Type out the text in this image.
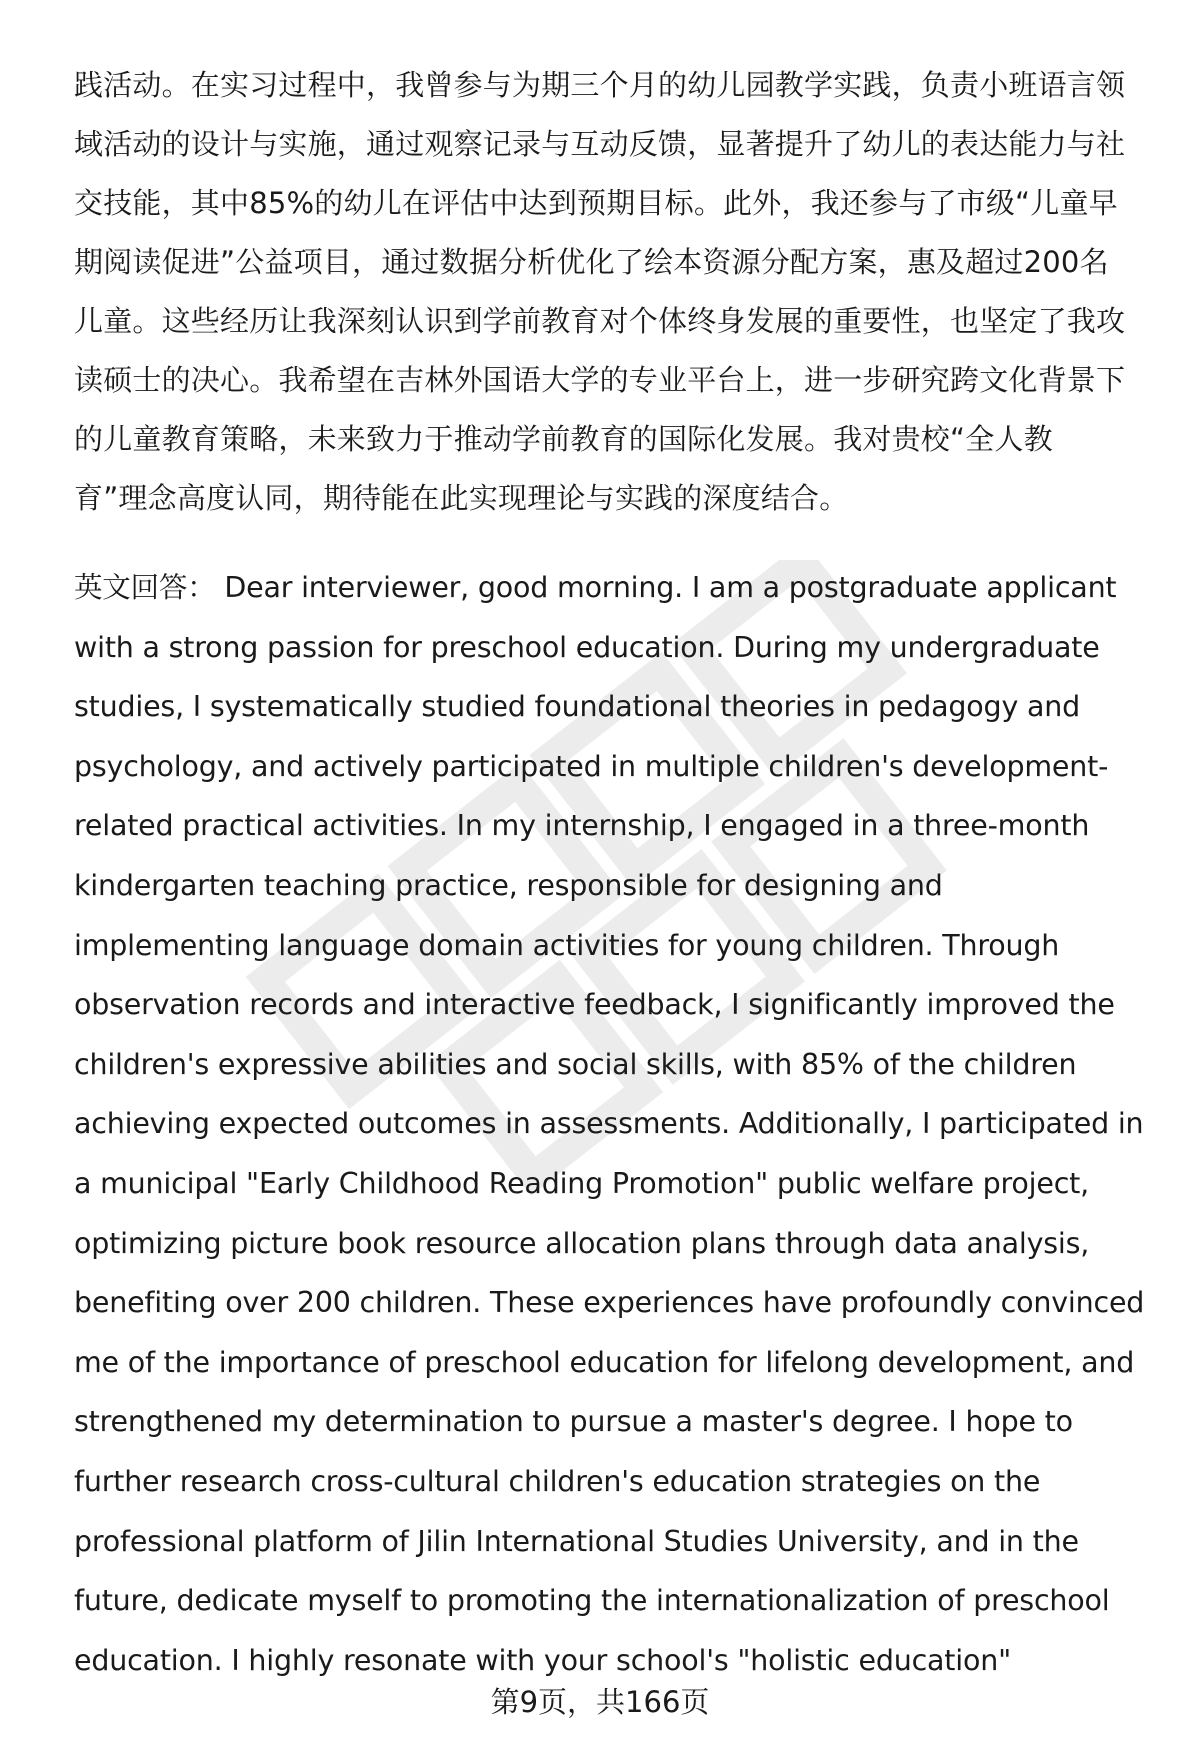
践活动。在实习过程中，我曾参与为期三个月的幼儿园教学实践，负责小班语言领
域活动的设计与实施，通过观察记录与互动反馈，显著提升了幼儿的表达能力与社
交技能，其中85%的幼儿在评估中达到预期目标。此外，我还参与了市级“儿童早
期阅读促进”公益项目，通过数据分析优化了绘本资源分配方案，惠及超过200名
儿童。这些经历让我深刻认识到学前教育对个体终身发展的重要性，也坚定了我攻
读硕士的决心。我希望在吉林外国语大学的专业平台上，进一步研究跨文化背景下
的儿童教育策略，未来致力于推动学前教育的国际化发展。我对贵校“全人教
育”理念高度认同，期待能在此实现理论与实践的深度结合。
英文回答： Dear interviewer, good morning. I am a postgraduate applicant
with a strong passion for preschool education. During my undergraduate
studies, I systematically studied foundational theories in pedagogy and
psychology, and actively participated in multiple children's development-
related practical activities. In my internship, I engaged in a three-month
kindergarten teaching practice, responsible for designing and
implementing language domain activities for young children. Through
observation records and interactive feedback, I significantly improved the
children's expressive abilities and social skills, with 85% of the children
achieving expected outcomes in assessments. Additionally, I participated in
a municipal "Early Childhood Reading Promotion" public welfare project,
optimizing picture book resource allocation plans through data analysis,
benefiting over 200 children. These experiences have profoundly convinced
me of the importance of preschool education for lifelong development, and
strengthened my determination to pursue a master's degree. I hope to
further research cross-cultural children's education strategies on the
professional platform of Jilin International Studies University, and in the
future, dedicate myself to promoting the internationalization of preschool
education. I highly resonate with your school's "holistic education"
第9页，共166页
